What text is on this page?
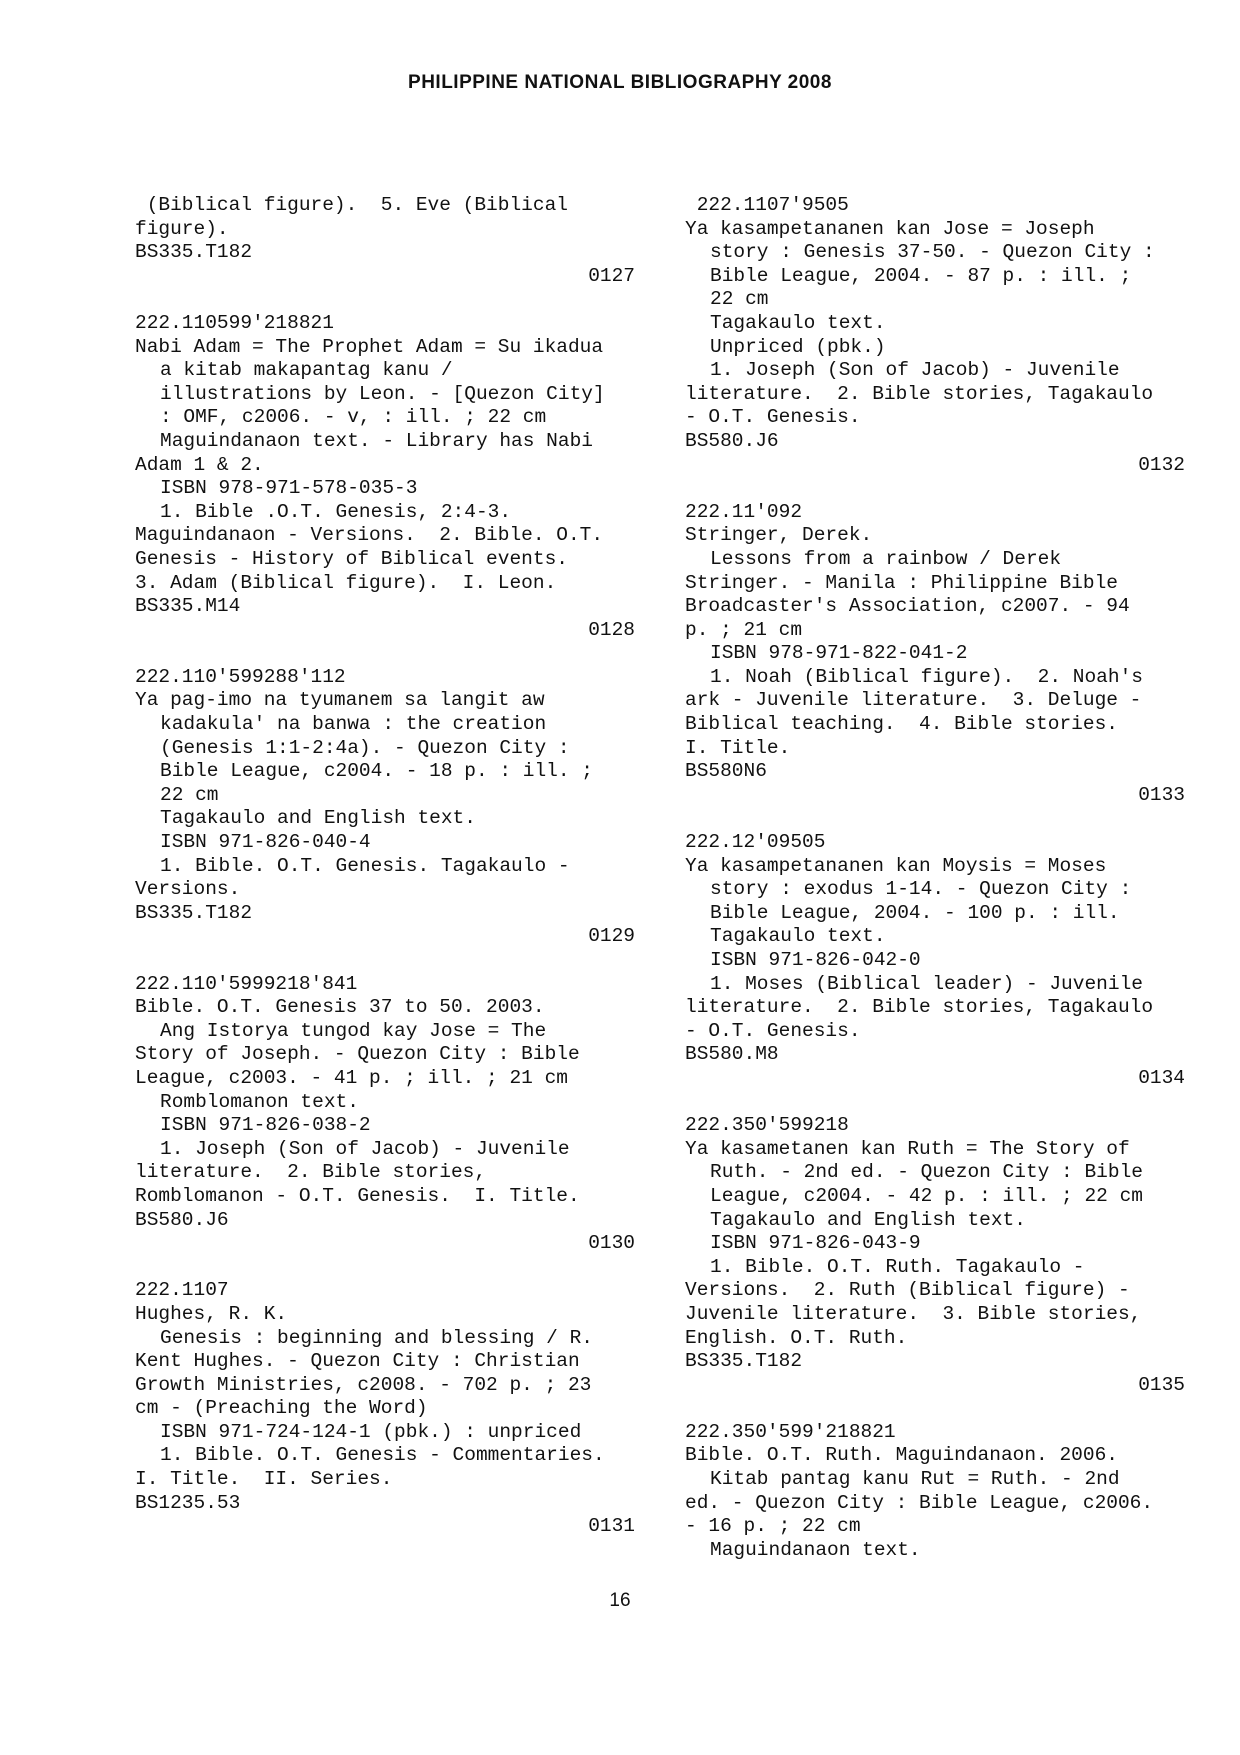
PHILIPPINE NATIONAL BIBLIOGRAPHY 2008
(Biblical figure).  5. Eve (Biblical
figure).
BS335.T182
0127
222.110599'218821
Nabi Adam = The Prophet Adam = Su ikadua
a kitab makapantag kanu /
illustrations by Leon. - [Quezon City]
: OMF, c2006. - v, : ill. ; 22 cm
Maguindanaon text. - Library has Nabi
Adam 1 & 2.
ISBN 978-971-578-035-3
1. Bible .O.T. Genesis, 2:4-3.
Maguindanaon - Versions.  2. Bible. O.T.
Genesis - History of Biblical events.
3. Adam (Biblical figure).  I. Leon.
BS335.M14
0128
222.110'599288'112
Ya pag-imo na tyumanem sa langit aw
kadakula' na banwa : the creation
(Genesis 1:1-2:4a). - Quezon City :
Bible League, c2004. - 18 p. : ill. ;
22 cm
Tagakaulo and English text.
ISBN 971-826-040-4
1. Bible. O.T. Genesis. Tagakaulo -
Versions.
BS335.T182
0129
222.110'5999218'841
Bible. O.T. Genesis 37 to 50. 2003.
Ang Istorya tungod kay Jose = The
Story of Joseph. - Quezon City : Bible
League, c2003. - 41 p. ; ill. ; 21 cm
Romblomanon text.
ISBN 971-826-038-2
1. Joseph (Son of Jacob) - Juvenile
literature.  2. Bible stories,
Romblomanon - O.T. Genesis.  I. Title.
BS580.J6
0130
222.1107
Hughes, R. K.
Genesis : beginning and blessing / R.
Kent Hughes. - Quezon City : Christian
Growth Ministries, c2008. - 702 p. ; 23
cm - (Preaching the Word)
ISBN 971-724-124-1 (pbk.) : unpriced
1. Bible. O.T. Genesis - Commentaries.
I. Title.  II. Series.
BS1235.53
0131
222.1107'9505
Ya kasampetananen kan Jose = Joseph
story : Genesis 37-50. - Quezon City :
Bible League, 2004. - 87 p. : ill. ;
22 cm
Tagakaulo text.
Unpriced (pbk.)
1. Joseph (Son of Jacob) - Juvenile
literature.  2. Bible stories, Tagakaulo
- O.T. Genesis.
BS580.J6
0132
222.11'092
Stringer, Derek.
Lessons from a rainbow / Derek
Stringer. - Manila : Philippine Bible
Broadcaster's Association, c2007. - 94
p. ; 21 cm
ISBN 978-971-822-041-2
1. Noah (Biblical figure).  2. Noah's
ark - Juvenile literature.  3. Deluge -
Biblical teaching.  4. Bible stories.
I. Title.
BS580N6
0133
222.12'09505
Ya kasampetananen kan Moysis = Moses
story : exodus 1-14. - Quezon City :
Bible League, 2004. - 100 p. : ill.
Tagakaulo text.
ISBN 971-826-042-0
1. Moses (Biblical leader) - Juvenile
literature.  2. Bible stories, Tagakaulo
- O.T. Genesis.
BS580.M8
0134
222.350'599218
Ya kasametanen kan Ruth = The Story of
Ruth. - 2nd ed. - Quezon City : Bible
League, c2004. - 42 p. : ill. ; 22 cm
Tagakaulo and English text.
ISBN 971-826-043-9
1. Bible. O.T. Ruth. Tagakaulo -
Versions.  2. Ruth (Biblical figure) -
Juvenile literature.  3. Bible stories,
English. O.T. Ruth.
BS335.T182
0135
222.350'599'218821
Bible. O.T. Ruth. Maguindanaon. 2006.
Kitab pantag kanu Rut = Ruth. - 2nd
ed. - Quezon City : Bible League, c2006.
- 16 p. ; 22 cm
Maguindanaon text.
16
